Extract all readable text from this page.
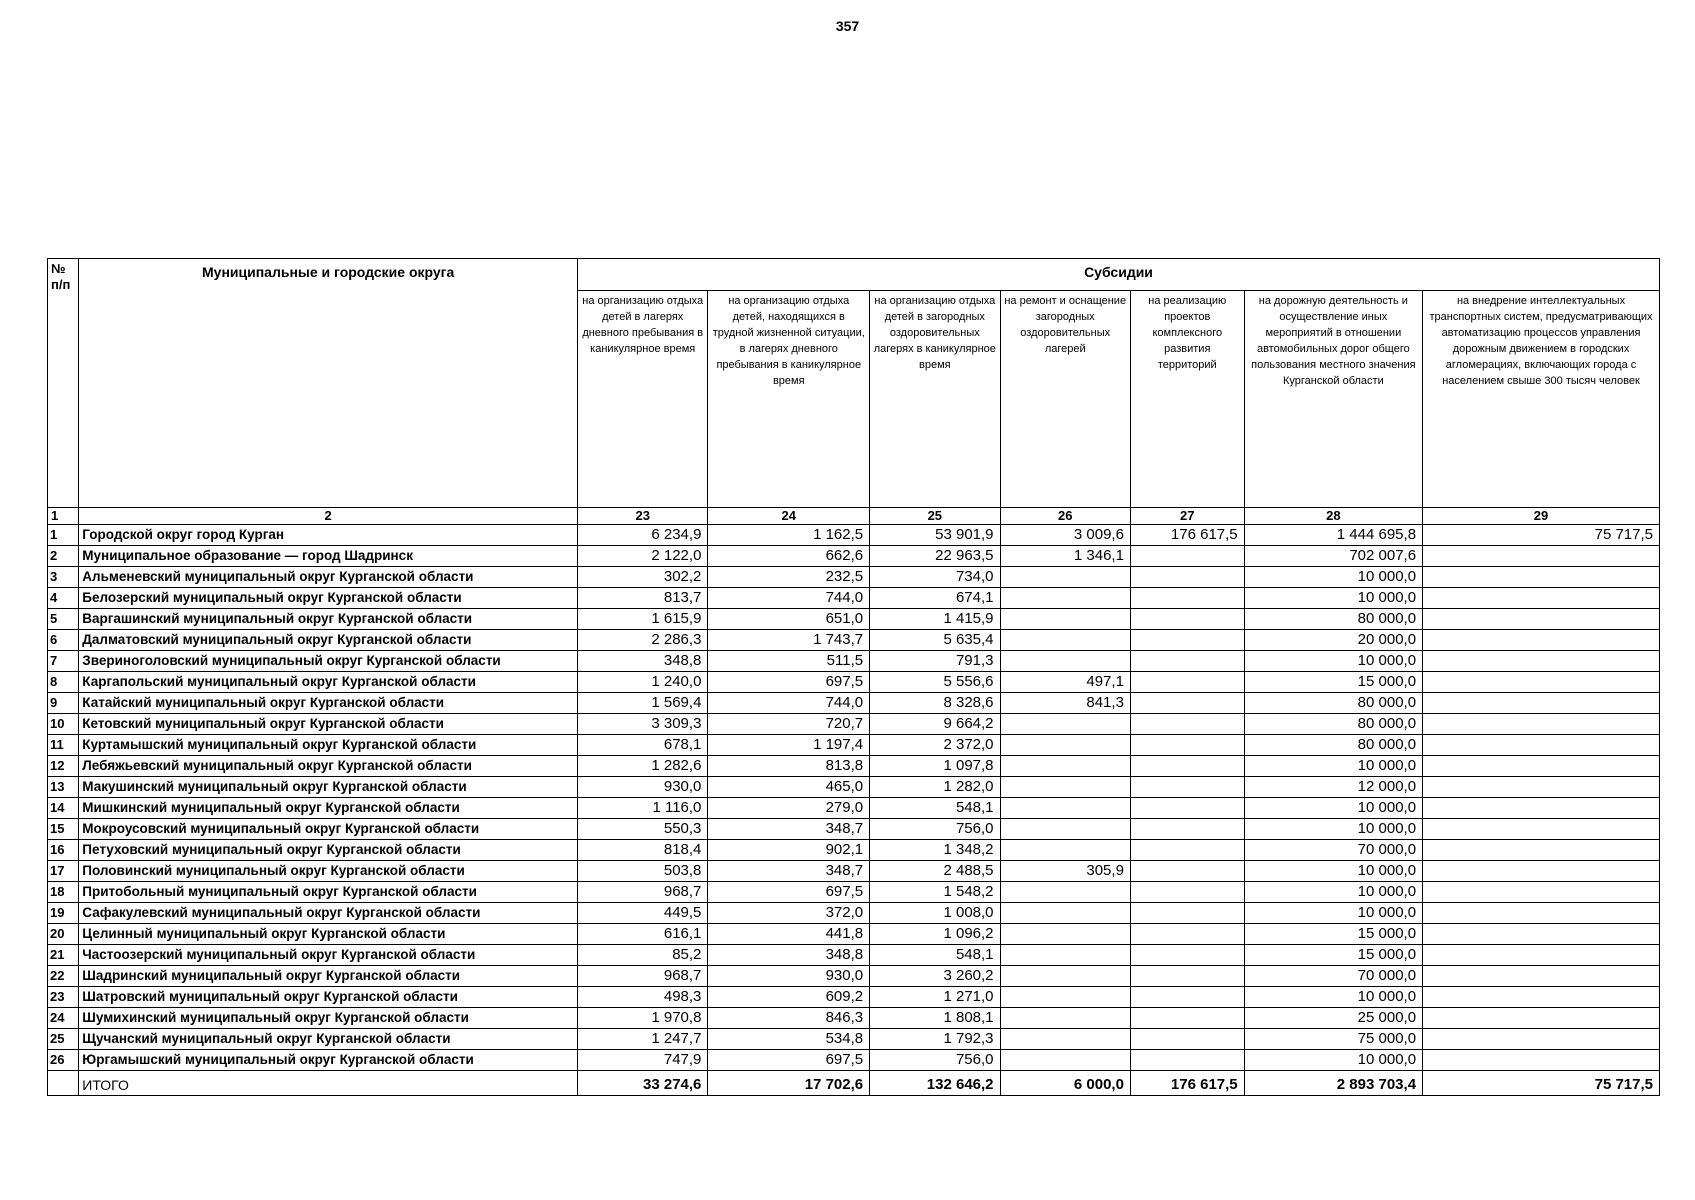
357
№ п/п	Муниципальные и городские округа	Субсидии						
		на организацию отдыха детей в лагерях дневного пребывания в каникулярное время	на организацию отдыха детей, находящихся в трудной жизненной ситуации, в лагерях дневного пребывания в каникулярное время	на организацию отдыха детей в загородных оздоровительных лагерях в каникулярное время	на ремонт и оснащение загородных оздоровительных лагерей	на реализацию проектов комплексного развития территорий	на дорожную деятельность и осуществление иных мероприятий в отношении автомобильных дорог общего пользования местного значения Курганской области	на внедрение интеллектуальных транспортных систем, предусматривающих автоматизацию процессов управления дорожным движением в городских агломерациях, включающих города с населением свыше 300 тысяч человек
1	2	23	24	25	26	27	28	29
1	Городской округ город Курган	6 234,9	1 162,5	53 901,9	3 009,6	176 617,5	1 444 695,8	75 717,5
2	Муниципальное образование — город Шадринск	2 122,0	662,6	22 963,5	1 346,1		702 007,6	
3	Альменевский муниципальный округ Курганской области	302,2	232,5	734,0			10 000,0	
4	Белозерский муниципальный округ Курганской области	813,7	744,0	674,1			10 000,0	
5	Варгашинский муниципальный округ Курганской области	1 615,9	651,0	1 415,9			80 000,0	
6	Далматовский муниципальный округ Курганской области	2 286,3	1 743,7	5 635,4			20 000,0	
7	Звериноголовский муниципальный округ Курганской области	348,8	511,5	791,3			10 000,0	
8	Каргапольский муниципальный округ Курганской области	1 240,0	697,5	5 556,6	497,1		15 000,0	
9	Катайский муниципальный округ Курганской области	1 569,4	744,0	8 328,6	841,3		80 000,0	
10	Кетовский муниципальный округ Курганской области	3 309,3	720,7	9 664,2			80 000,0	
11	Куртамышский муниципальный округ Курганской области	678,1	1 197,4	2 372,0			80 000,0	
12	Лебяжьевский муниципальный округ Курганской области	1 282,6	813,8	1 097,8			10 000,0	
13	Макушинский муниципальный округ Курганской области	930,0	465,0	1 282,0			12 000,0	
14	Мишкинский муниципальный округ Курганской области	1 116,0	279,0	548,1			10 000,0	
15	Мокроусовский муниципальный округ Курганской области	550,3	348,7	756,0			10 000,0	
16	Петуховский муниципальный округ Курганской области	818,4	902,1	1 348,2			70 000,0	
17	Половинский муниципальный округ Курганской области	503,8	348,7	2 488,5	305,9		10 000,0	
18	Притобольный муниципальный округ Курганской области	968,7	697,5	1 548,2			10 000,0	
19	Сафакулевский муниципальный округ Курганской области	449,5	372,0	1 008,0			10 000,0	
20	Целинный муниципальный округ Курганской области	616,1	441,8	1 096,2			15 000,0	
21	Частоозерский муниципальный округ Курганской области	85,2	348,8	548,1			15 000,0	
22	Шадринский муниципальный округ Курганской области	968,7	930,0	3 260,2			70 000,0	
23	Шатровский муниципальный округ Курганской области	498,3	609,2	1 271,0			10 000,0	
24	Шумихинский муниципальный округ Курганской области	1 970,8	846,3	1 808,1			25 000,0	
25	Щучанский муниципальный округ Курганской области	1 247,7	534,8	1 792,3			75 000,0	
26	Юргамышский муниципальный округ Курганской области	747,9	697,5	756,0			10 000,0	
	ИТОГО	33 274,6	17 702,6	132 646,2	6 000,0	176 617,5	2 893 703,4	75 717,5
